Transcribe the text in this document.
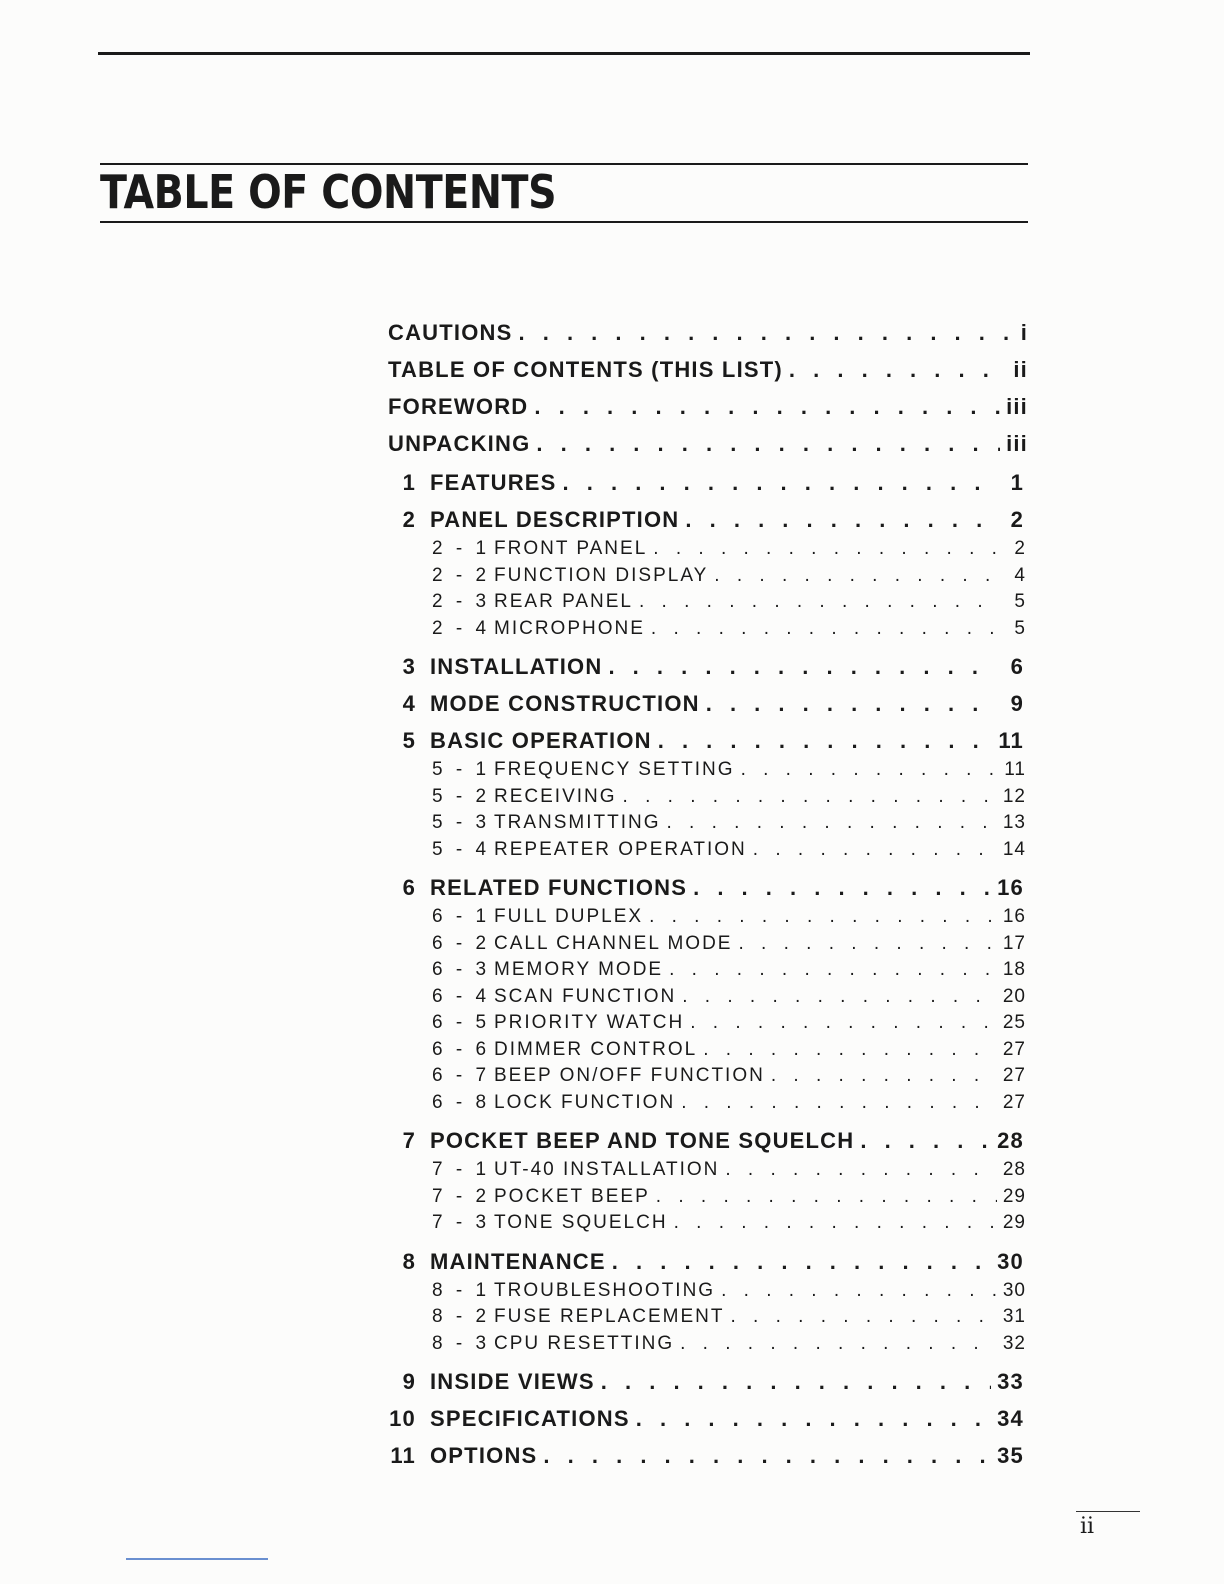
TABLE OF CONTENTS
CAUTIONS . . .	i
TABLE OF CONTENTS (THIS LIST) . . .	ii
FOREWORD . . .	iii
UNPACKING . . .	iii
1 FEATURES . . .	1
2 PANEL DESCRIPTION . . .	2
2 - 1 FRONT PANEL . . .	2
2 - 2 FUNCTION DISPLAY . . .	4
2 - 3 REAR PANEL . . .	5
2 - 4 MICROPHONE . . .	5
3 INSTALLATION . . .	6
4 MODE CONSTRUCTION . . .	9
5 BASIC OPERATION . . .	11
5 - 1 FREQUENCY SETTING . . .	11
5 - 2 RECEIVING . . .	12
5 - 3 TRANSMITTING . . .	13
5 - 4 REPEATER OPERATION . . .	14
6 RELATED FUNCTIONS . . .	16
6 - 1 FULL DUPLEX . . .	16
6 - 2 CALL CHANNEL MODE . . .	17
6 - 3 MEMORY MODE . . .	18
6 - 4 SCAN FUNCTION . . .	20
6 - 5 PRIORITY WATCH . . .	25
6 - 6 DIMMER CONTROL . . .	27
6 - 7 BEEP ON/OFF FUNCTION . . .	27
6 - 8 LOCK FUNCTION . . .	27
7 POCKET BEEP AND TONE SQUELCH . . .	28
7 - 1 UT-40 INSTALLATION . . .	28
7 - 2 POCKET BEEP . . .	29
7 - 3 TONE SQUELCH . . .	29
8 MAINTENANCE . . .	30
8 - 1 TROUBLESHOOTING . . .	30
8 - 2 FUSE REPLACEMENT . . .	31
8 - 3 CPU RESETTING . . .	32
9 INSIDE VIEWS . . .	33
10 SPECIFICATIONS . . .	34
11 OPTIONS . . .	35
ii
